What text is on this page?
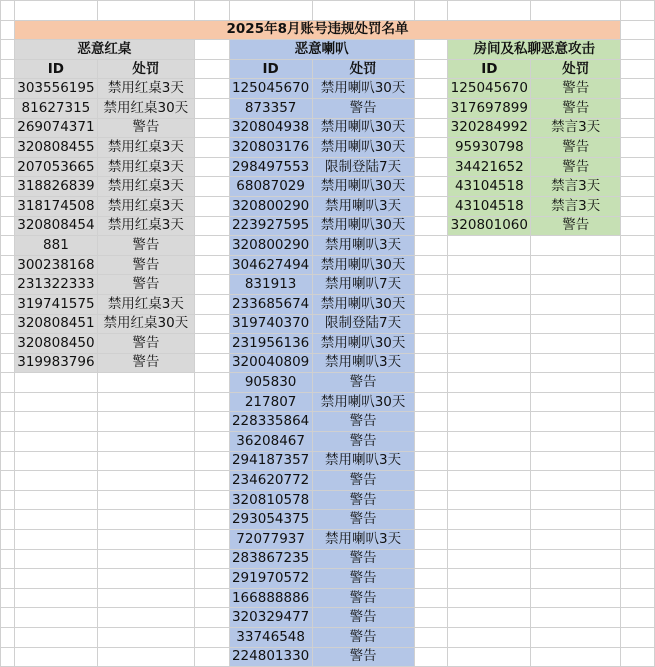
	2025年8月账号违规处罚名单								
	恶意红桌			恶意喇叭			房间及私聊恶意攻击		
	ID	处罚		ID	处罚		ID	处罚	
	303556195	禁用红桌3天		125045670	禁用喇叭30天		125045670	警告	
	81627315	禁用红桌30天		873357	警告		317697899	警告	
	269074371	警告		320804938	禁用喇叭30天		320284992	禁言3天	
	320808455	禁用红桌3天		320803176	禁用喇叭30天		95930798	警告	
	207053665	禁用红桌3天		298497553	限制登陆7天		34421652	警告	
	318826839	禁用红桌3天		68087029	禁用喇叭30天		43104518	禁言3天	
	318174508	禁用红桌3天		320800290	禁用喇叭3天		43104518	禁言3天	
	320808454	禁用红桌3天		223927595	禁用喇叭30天		320801060	警告	
	881	警告		320800290	禁用喇叭3天				
	300238168	警告		304627494	禁用喇叭30天				
	231322333	警告		831913	禁用喇叭7天				
	319741575	禁用红桌3天		233685674	禁用喇叭30天				
	320808451	禁用红桌30天		319740370	限制登陆7天				
	320808450	警告		231956136	禁用喇叭30天				
	319983796	警告		320040809	禁用喇叭3天				
				905830	警告				
				217807	禁用喇叭30天				
				228335864	警告				
				36208467	警告				
				294187357	禁用喇叭3天				
				234620772	警告				
				320810578	警告				
				293054375	警告				
				72077937	禁用喇叭3天				
				283867235	警告				
				291970572	警告				
				166888886	警告				
				320329477	警告				
				33746548	警告				
				224801330	警告				
